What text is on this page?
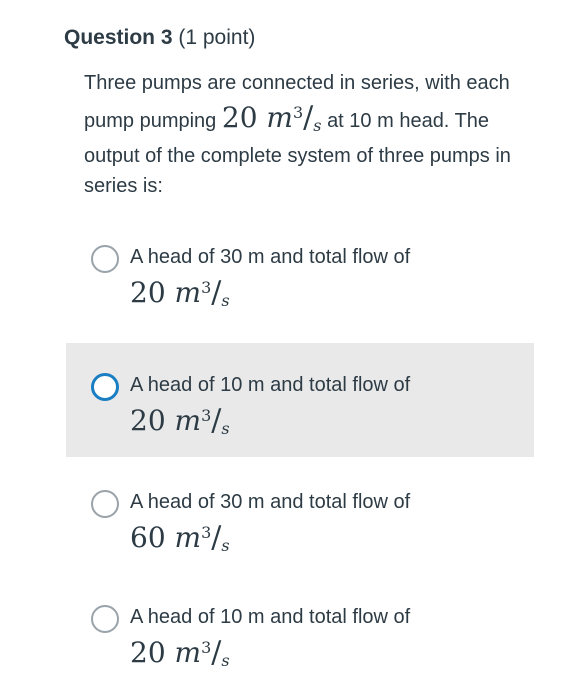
Question 3 (1 point)
Three pumps are connected in series, with each pump pumping 20 $m^3/s$ at 10 m head. The output of the complete system of three pumps in series is:
A head of 30 m and total flow of
20 $m^3/s$
A head of 10 m and total flow of
20 $m^3/s$
A head of 30 m and total flow of
60 $m^3/s$
A head of 10 m and total flow of
20 $m^3/s$
